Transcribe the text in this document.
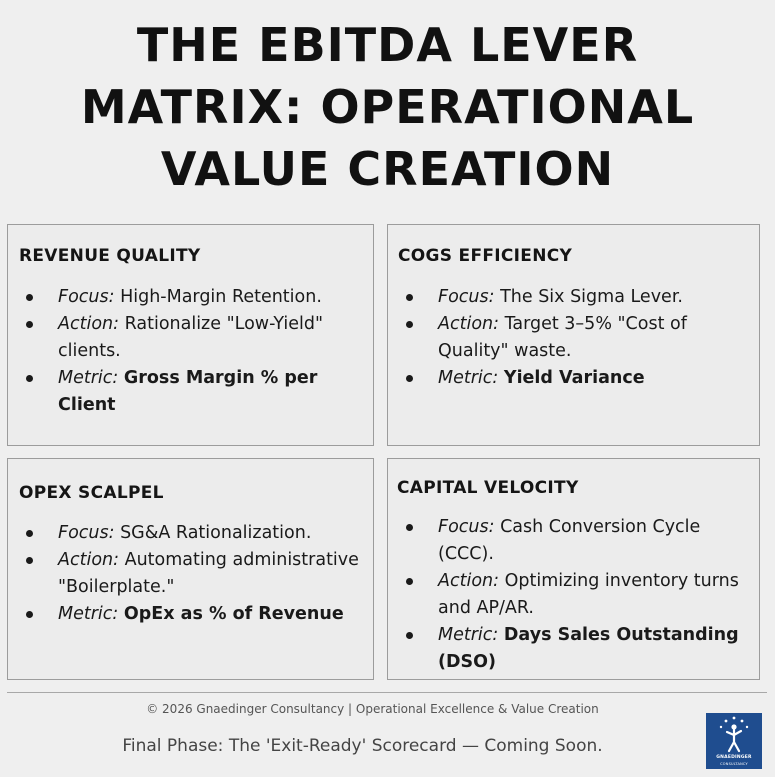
THE EBITDA LEVER
MATRIX: OPERATIONAL
VALUE CREATION
REVENUE QUALITY
Focus: High-Margin Retention.
Action: Rationalize "Low-Yield" clients.
Metric: Gross Margin % per Client
COGS EFFICIENCY
Focus: The Six Sigma Lever.
Action: Target 3–5% "Cost of Quality" waste.
Metric: Yield Variance
OPEX SCALPEL
Focus: SG&A Rationalization.
Action: Automating administrative "Boilerplate."
Metric: OpEx as % of Revenue
CAPITAL VELOCITY
Focus: Cash Conversion Cycle (CCC).
Action: Optimizing inventory turns and AP/AR.
Metric: Days Sales Outstanding (DSO)
© 2026 Gnaedinger Consultancy | Operational Excellence & Value Creation
Final Phase: The 'Exit-Ready' Scorecard — Coming Soon.
GNAEDINGER
CONSULTANCY
